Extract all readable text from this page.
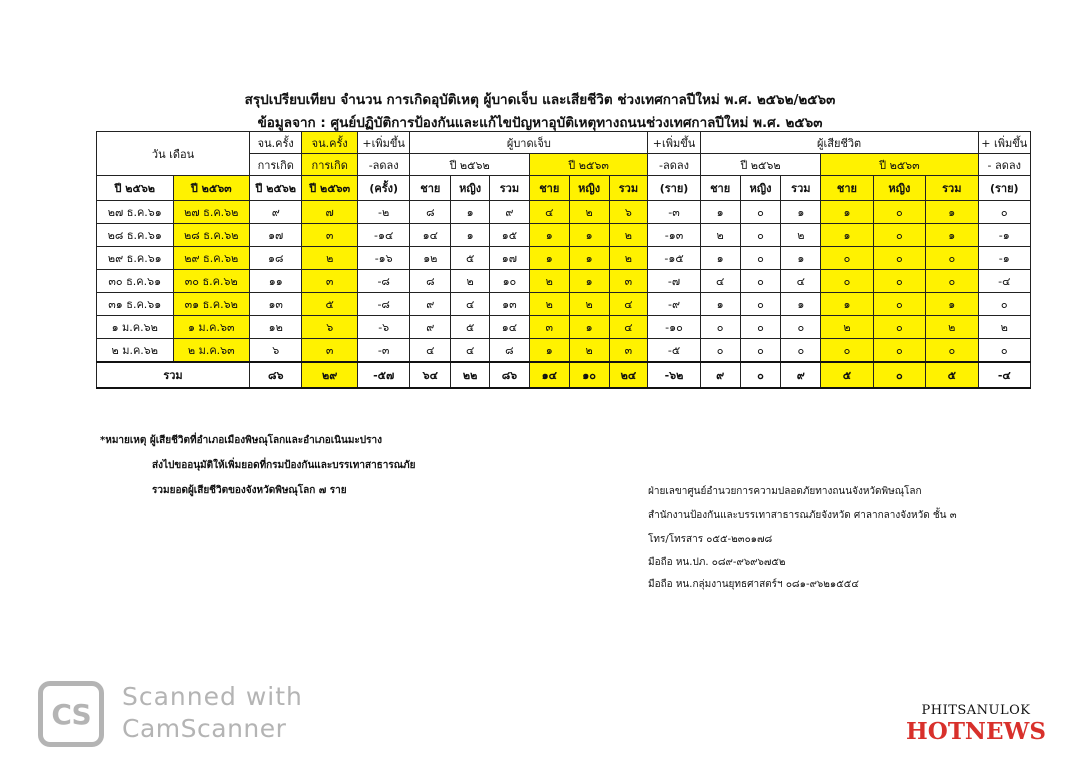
สรุปเปรียบเทียบ จำนวน การเกิดอุบัติเหตุ ผู้บาดเจ็บ และเสียชีวิต ช่วงเทศกาลปีใหม่ พ.ศ. ๒๕๖๒/๒๕๖๓
ข้อมูลจาก : ศูนย์ปฏิบัติการป้องกันและแก้ไขปัญหาอุบัติเหตุทางถนนช่วงเทศกาลปีใหม่ พ.ศ. ๒๕๖๓
วัน เดือน		จน.ครั้ง	จน.ครั้ง	+เพิ่มขึ้น	ผู้บาดเจ็บ						+เพิ่มขึ้น	ผู้เสียชีวิต						+ เพิ่มขึ้น
		การเกิด	การเกิด	-ลดลง	ปี ๒๕๖๒			ปี ๒๕๖๓			-ลดลง	ปี ๒๕๖๒			ปี ๒๕๖๓			- ลดลง
ปี ๒๕๖๒	ปี ๒๕๖๓	ปี ๒๕๖๒	ปี ๒๕๖๓	(ครั้ง)	ชาย	หญิง	รวม	ชาย	หญิง	รวม	(ราย)	ชาย	หญิง	รวม	ชาย	หญิง	รวม	(ราย)
๒๗ ธ.ค.๖๑	๒๗ ธ.ค.๖๒	๙	๗	-๒	๘	๑	๙	๔	๒	๖	-๓	๑	๐	๑	๑	๐	๑	๐
๒๘ ธ.ค.๖๑	๒๘ ธ.ค.๖๒	๑๗	๓	-๑๔	๑๔	๑	๑๕	๑	๑	๒	-๑๓	๒	๐	๒	๑	๐	๑	-๑
๒๙ ธ.ค.๖๑	๒๙ ธ.ค.๖๒	๑๘	๒	-๑๖	๑๒	๕	๑๗	๑	๑	๒	-๑๕	๑	๐	๑	๐	๐	๐	-๑
๓๐ ธ.ค.๖๑	๓๐ ธ.ค.๖๒	๑๑	๓	-๘	๘	๒	๑๐	๒	๑	๓	-๗	๔	๐	๔	๐	๐	๐	-๔
๓๑ ธ.ค.๖๑	๓๑ ธ.ค.๖๒	๑๓	๕	-๘	๙	๔	๑๓	๒	๒	๔	-๙	๑	๐	๑	๑	๐	๑	๐
๑ ม.ค.๖๒	๑ ม.ค.๖๓	๑๒	๖	-๖	๙	๕	๑๔	๓	๑	๔	-๑๐	๐	๐	๐	๒	๐	๒	๒
๒ ม.ค.๖๒	๒ ม.ค.๖๓	๖	๓	-๓	๔	๔	๘	๑	๒	๓	-๕	๐	๐	๐	๐	๐	๐	๐
รวม		๘๖	๒๙	-๕๗	๖๔	๒๒	๘๖	๑๔	๑๐	๒๔	-๖๒	๙	๐	๙	๕	๐	๕	-๔
*หมายเหตุ ผู้เสียชีวิตที่อำเภอเมืองพิษณุโลกและอำเภอเนินมะปราง
ส่งไปขออนุมัติให้เพิ่มยอดที่กรมป้องกันและบรรเทาสาธารณภัย
รวมยอดผู้เสียชีวิตของจังหวัดพิษณุโลก ๗ ราย	ฝ่ายเลขาศูนย์อำนวยการความปลอดภัยทางถนนจังหวัดพิษณุโลก
สำนักงานป้องกันและบรรเทาสาธารณภัยจังหวัด ศาลากลางจังหวัด ชั้น ๓
โทร/โทรสาร ๐๕๕-๒๓๐๑๗๘
มือถือ หน.ปภ. ๐๘๙-๙๖๙๖๗๕๒
มือถือ หน.กลุ่มงานยุทธศาสตร์ฯ ๐๘๑-๙๖๒๑๕๕๔
CS
Scanned with
CamScanner
PHITSANULOK
HOTNEWS
